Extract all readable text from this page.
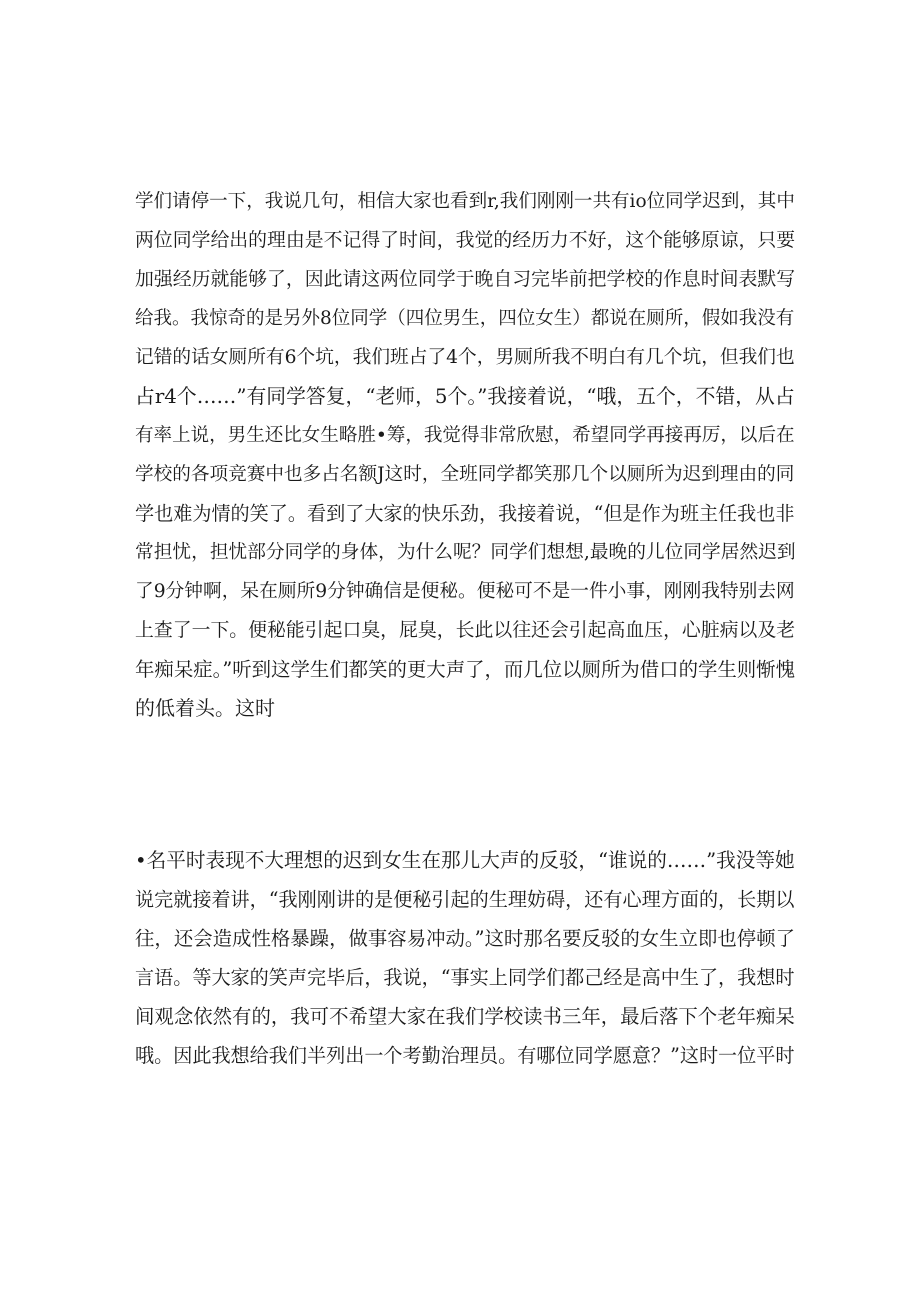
学们请停一下，我说几句，相信大家也看到r,我们刚刚一共有io位同学迟到，其中
两位同学给出的理由是不记得了时间，我觉的经历力不好，这个能够原谅，只要
加强经历就能够了，因此请这两位同学于晚自习完毕前把学校的作息时间表默写
给我。我惊奇的是另外8位同学（四位男生，四位女生）都说在厕所，假如我没有
记错的话女厕所有6个坑，我们班占了4个，男厕所我不明白有几个坑，但我们也
占r4个……”有同学答复，“老师，5个。”我接着说，“哦，五个，不错，从占
有率上说，男生还比女生略胜•筹，我觉得非常欣慰，希望同学再接再厉，以后在
学校的各项竞赛中也多占名额J这时，全班同学都笑那几个以厕所为迟到理由的同
学也难为情的笑了。看到了大家的快乐劲，我接着说，“但是作为班主任我也非
常担忧，担忧部分同学的身体，为什么呢？同学们想想,最晚的儿位同学居然迟到
了9分钟啊，呆在厕所9分钟确信是便秘。便秘可不是一件小事，刚刚我特别去网
上查了一下。便秘能引起口臭，屁臭，长此以往还会引起高血压，心脏病以及老
年痴呆症。”听到这学生们都笑的更大声了，而几位以厕所为借口的学生则惭愧
的低着头。这时
•名平时表现不大理想的迟到女生在那儿大声的反驳，“谁说的……”我没等她
说完就接着讲，“我刚刚讲的是便秘引起的生理妨碍，还有心理方面的，长期以
往，还会造成性格暴躁，做事容易冲动。”这时那名要反驳的女生立即也停顿了
言语。等大家的笑声完毕后，我说，“事实上同学们都己经是高中生了，我想时
间观念依然有的，我可不希望大家在我们学校读书三年，最后落下个老年痴呆
哦。因此我想给我们半列出一个考勤治理员。有哪位同学愿意？”这时一位平时
